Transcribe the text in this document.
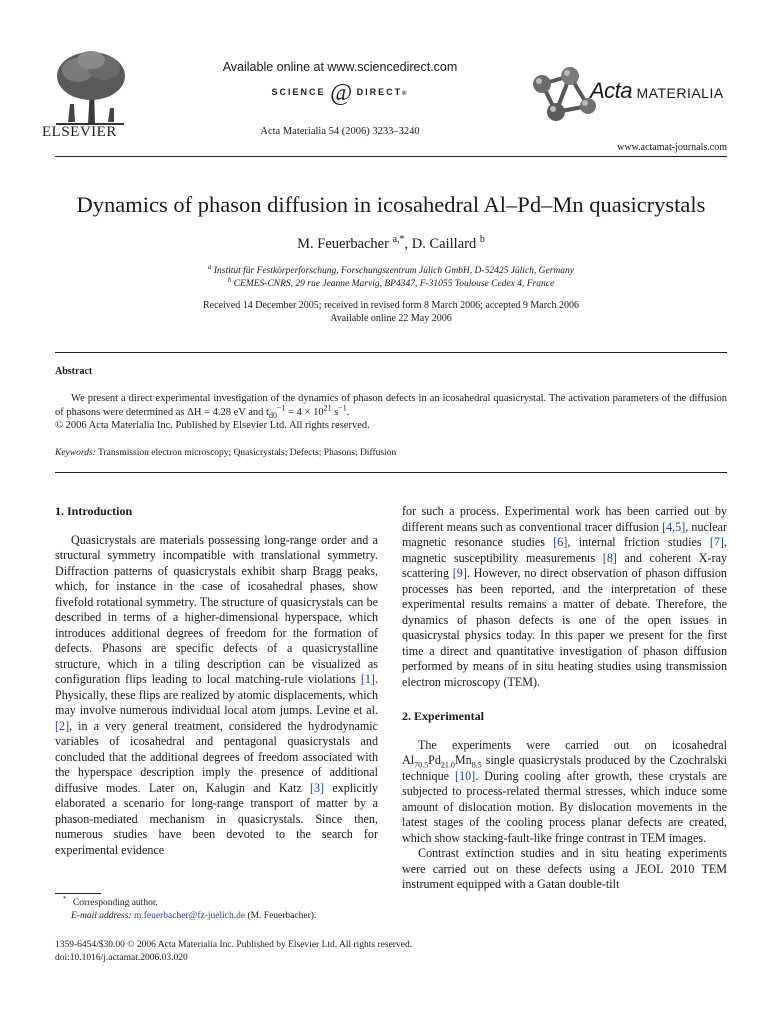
ELSEVIER
Available online at www.sciencedirect.com
SCIENCE @ DIRECT®
Acta Materialia 54 (2006) 3233–3240
Acta MATERIALIA
www.actamat-journals.com
Dynamics of phason diffusion in icosahedral Al–Pd–Mn quasicrystals
M. Feuerbacher $^{a,*}$, D. Caillard $^b$
$^a$ Institut für Festkörperforschung, Forschungszentrum Jülich GmbH, D-52425 Jülich, Germany
$^b$ CEMES-CNRS, 29 rue Jeanne Marvig, BP4347, F-31055 Toulouse Cedex 4, France
Received 14 December 2005; received in revised form 8 March 2006; accepted 9 March 2006
Available online 22 May 2006
Abstract
We present a direct experimental investigation of the dynamics of phason defects in an icosahedral quasicrystal. The activation parameters of the diffusion of phasons were determined as ΔH = 4.28 eV and $t_{d0}^{-1} = 4 \times 10^{21}$ $s^{-1}$.
© 2006 Acta Materialia Inc. Published by Elsevier Ltd. All rights reserved.
Keywords: Transmission electron microscopy; Quasicrystals; Defects; Phasons; Diffusion
1. Introduction

Quasicrystals are materials possessing long-range order and a structural symmetry incompatible with translational symmetry. Diffraction patterns of quasicrystals exhibit sharp Bragg peaks, which, for instance in the case of icosahedral phases, show fivefold rotational symmetry. The structure of quasicrystals can be described in terms of a higher-dimensional hyperspace, which introduces additional degrees of freedom for the formation of defects. Phasons are specific defects of a quasicrystalline structure, which in a tiling description can be visualized as configuration flips leading to local matching-rule violations [1]. Physically, these flips are realized by atomic displacements, which may involve numerous individual local atom jumps. Levine et al. [2], in a very general treatment, considered the hydrodynamic variables of icosahedral and pentagonal quasicrystals and concluded that the additional degrees of freedom associated with the hyperspace description imply the presence of additional diffusive modes. Later on, Kalugin and Katz [3] explicitly elaborated a scenario for long-range transport of matter by a phason-mediated mechanism in quasicrystals. Since then, numerous studies have been devoted to the search for experimental evidence

* Corresponding author.
E-mail address: m.feuerbacher@fz-juelich.de (M. Feuerbacher).

for such a process. Experimental work has been carried out by different means such as conventional tracer diffusion [4,5], nuclear magnetic resonance studies [6], internal friction studies [7], magnetic susceptibility measurements [8] and coherent X-ray scattering [9]. However, no direct observation of phason diffusion processes has been reported, and the interpretation of these experimental results remains a matter of debate. Therefore, the dynamics of phason defects is one of the open issues in quasicrystal physics today. In this paper we present for the first time a direct and quantitative investigation of phason diffusion performed by means of in situ heating studies using transmission electron microscopy (TEM).

2. Experimental

The experiments were carried out on icosahedral $Al_{70.5}Pd_{21.0}Mn_{8.5}$ single quasicrystals produced by the Czochralski technique [10]. During cooling after growth, these crystals are subjected to process-related thermal stresses, which induce some amount of dislocation motion. By dislocation movements in the latest stages of the cooling process planar defects are created, which show stacking-fault-like fringe contrast in TEM images.

Contrast extinction studies and in situ heating experiments were carried out on these defects using a JEOL 2010 TEM instrument equipped with a Gatan double-tilt

1359-6454/$30.00 © 2006 Acta Materialia Inc. Published by Elsevier Ltd. All rights reserved.
doi:10.1016/j.actamat.2006.03.020
